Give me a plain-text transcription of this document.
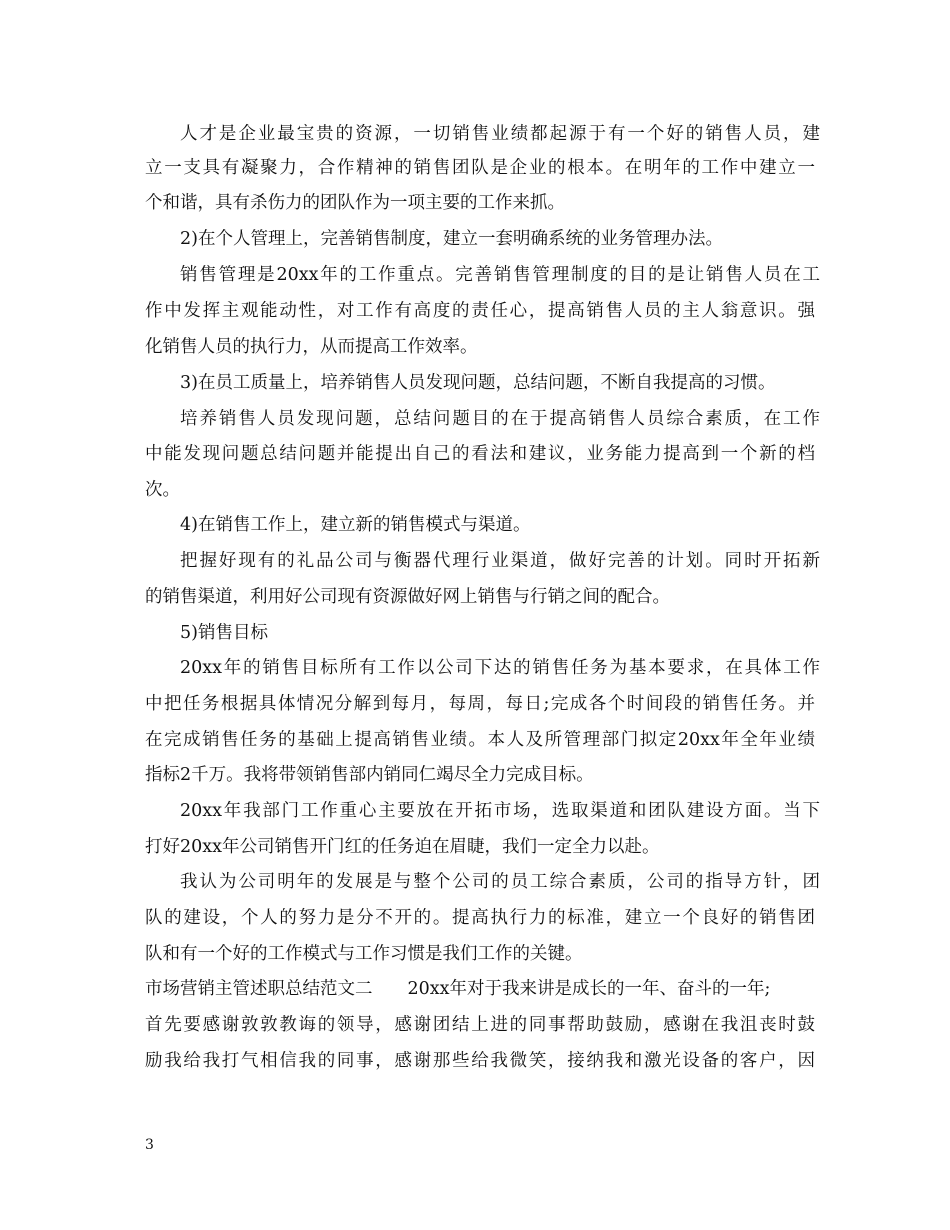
人才是企业最宝贵的资源，一切销售业绩都起源于有一个好的销售人员，建
立一支具有凝聚力，合作精神的销售团队是企业的根本。在明年的工作中建立一
个和谐，具有杀伤力的团队作为一项主要的工作来抓。
2)在个人管理上，完善销售制度，建立一套明确系统的业务管理办法。
销售管理是20xx年的工作重点。完善销售管理制度的目的是让销售人员在工
作中发挥主观能动性，对工作有高度的责任心，提高销售人员的主人翁意识。强
化销售人员的执行力，从而提高工作效率。
3)在员工质量上，培养销售人员发现问题，总结问题，不断自我提高的习惯。
培养销售人员发现问题，总结问题目的在于提高销售人员综合素质，在工作
中能发现问题总结问题并能提出自己的看法和建议，业务能力提高到一个新的档
次。
4)在销售工作上，建立新的销售模式与渠道。
把握好现有的礼品公司与衡器代理行业渠道，做好完善的计划。同时开拓新
的销售渠道，利用好公司现有资源做好网上销售与行销之间的配合。
5)销售目标
20xx年的销售目标所有工作以公司下达的销售任务为基本要求，在具体工作
中把任务根据具体情况分解到每月，每周，每日;完成各个时间段的销售任务。并
在完成销售任务的基础上提高销售业绩。本人及所管理部门拟定20xx年全年业绩
指标2千万。我将带领销售部内销同仁竭尽全力完成目标。
20xx年我部门工作重心主要放在开拓市场，选取渠道和团队建设方面。当下
打好20xx年公司销售开门红的任务迫在眉睫，我们一定全力以赴。
我认为公司明年的发展是与整个公司的员工综合素质，公司的指导方针，团
队的建设，个人的努力是分不开的。提高执行力的标准，建立一个良好的销售团
队和有一个好的工作模式与工作习惯是我们工作的关键。
市场营销主管述职总结范文二　　20xx年对于我来讲是成长的一年、奋斗的一年;
首先要感谢敦敦教诲的领导，感谢团结上进的同事帮助鼓励，感谢在我沮丧时鼓
励我给我打气相信我的同事，感谢那些给我微笑，接纳我和激光设备的客户，因
3
